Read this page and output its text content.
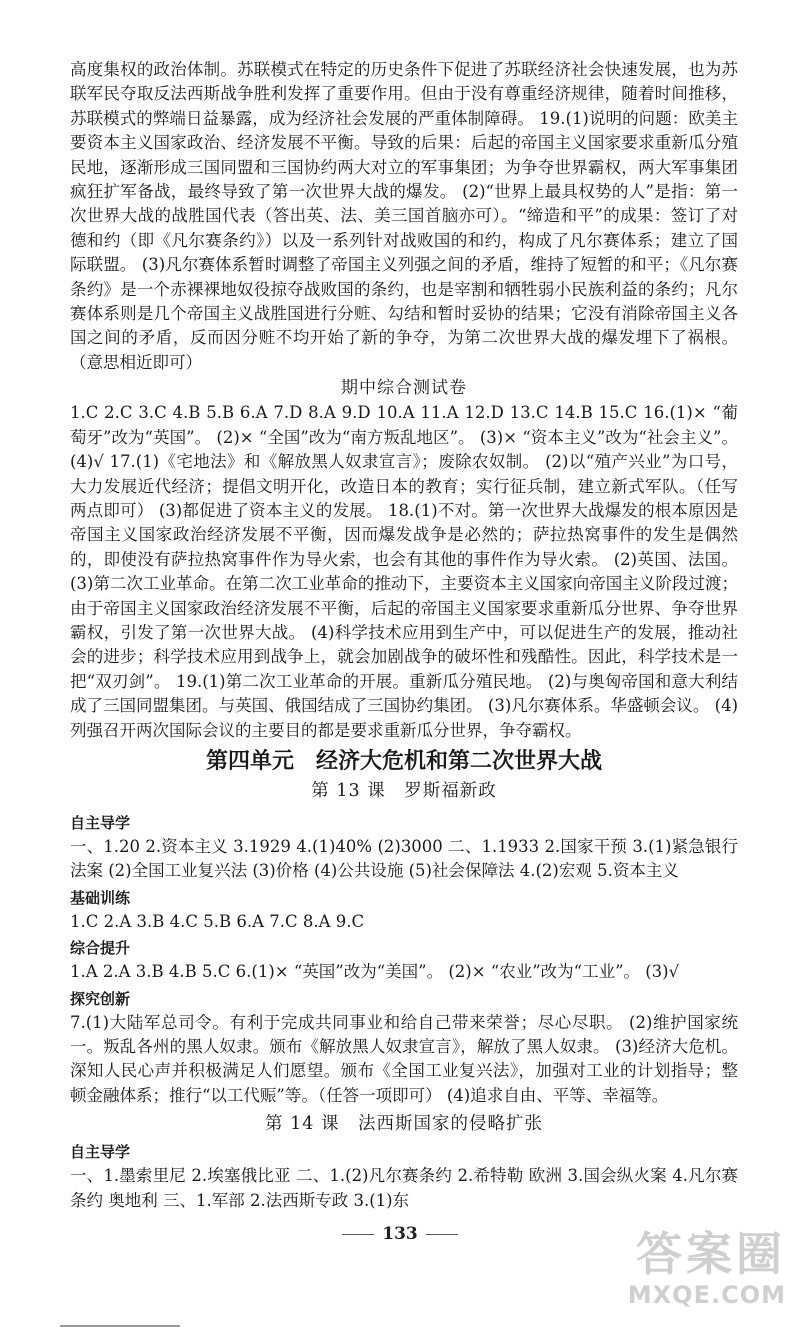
高度集权的政治体制。苏联模式在特定的历史条件下促进了苏联经济社会快速发展，也为苏联军民夺取反法西斯战争胜利发挥了重要作用。但由于没有尊重经济规律，随着时间推移，苏联模式的弊端日益暴露，成为经济社会发展的严重体制障碍。 19.(1)说明的问题：欧美主要资本主义国家政治、经济发展不平衡。导致的后果：后起的帝国主义国家要求重新瓜分殖民地，逐渐形成三国同盟和三国协约两大对立的军事集团；为争夺世界霸权，两大军事集团疯狂扩军备战，最终导致了第一次世界大战的爆发。 (2)“世界上最具权势的人”是指：第一次世界大战的战胜国代表（答出英、法、美三国首脑亦可）。“缔造和平”的成果：签订了对德和约（即《凡尔赛条约》）以及一系列针对战败国的和约，构成了凡尔赛体系；建立了国际联盟。 (3)凡尔赛体系暂时调整了帝国主义列强之间的矛盾，维持了短暂的和平；《凡尔赛条约》是一个赤裸裸地奴役掠夺战败国的条约，也是宰割和牺牲弱小民族利益的条约；凡尔赛体系则是几个帝国主义战胜国进行分赃、勾结和暂时妥协的结果；它没有消除帝国主义各国之间的矛盾，反而因分赃不均开始了新的争夺，为第二次世界大战的爆发埋下了祸根。（意思相近即可）

期中综合测试卷

1.C 2.C 3.C 4.B 5.B 6.A 7.D 8.A 9.D 10.A 11.A 12.D 13.C 14.B 15.C 16.(1)× “葡萄牙”改为“英国”。 (2)× “全国”改为“南方叛乱地区”。 (3)× “资本主义”改为“社会主义”。 (4)√ 17.(1)《宅地法》和《解放黑人奴隶宣言》；废除农奴制。 (2)以“殖产兴业”为口号，大力发展近代经济；提倡文明开化，改造日本的教育；实行征兵制，建立新式军队。（任写两点即可） (3)都促进了资本主义的发展。 18.(1)不对。第一次世界大战爆发的根本原因是帝国主义国家政治经济发展不平衡，因而爆发战争是必然的；萨拉热窝事件的发生是偶然的，即使没有萨拉热窝事件作为导火索，也会有其他的事件作为导火索。 (2)英国、法国。 (3)第二次工业革命。在第二次工业革命的推动下，主要资本主义国家向帝国主义阶段过渡；由于帝国主义国家政治经济发展不平衡，后起的帝国主义国家要求重新瓜分世界、争夺世界霸权，引发了第一次世界大战。 (4)科学技术应用到生产中，可以促进生产的发展，推动社会的进步；科学技术应用到战争上，就会加剧战争的破坏性和残酷性。因此，科学技术是一把“双刃剑”。 19.(1)第二次工业革命的开展。重新瓜分殖民地。 (2)与奥匈帝国和意大利结成了三国同盟集团。与英国、俄国结成了三国协约集团。 (3)凡尔赛体系。华盛顿会议。 (4)列强召开两次国际会议的主要目的都是要求重新瓜分世界，争夺霸权。

第四单元　经济大危机和第二次世界大战
第 13 课　罗斯福新政
自主导学

一、1.20 2.资本主义 3.1929 4.(1)40% (2)3000 二、1.1933 2.国家干预 3.(1)紧急银行法案 (2)全国工业复兴法 (3)价格 (4)公共设施 (5)社会保障法 4.(2)宏观 5.资本主义

基础训练

1.C 2.A 3.B 4.C 5.B 6.A 7.C 8.A 9.C

综合提升

1.A 2.A 3.B 4.B 5.C 6.(1)× “英国”改为“美国”。 (2)× “农业”改为“工业”。 (3)√

探究创新

7.(1)大陆军总司令。有利于完成共同事业和给自己带来荣誉；尽心尽职。 (2)维护国家统一。叛乱各州的黑人奴隶。颁布《解放黑人奴隶宣言》，解放了黑人奴隶。 (3)经济大危机。深知人民心声并积极满足人们愿望。颁布《全国工业复兴法》，加强对工业的计划指导；整顿金融体系；推行“以工代赈”等。（任答一项即可） (4)追求自由、平等、幸福等。

第 14 课　法西斯国家的侵略扩张
自主导学

一、1.墨索里尼 2.埃塞俄比亚 二、1.(2)凡尔赛条约 2.希特勒 欧洲 3.国会纵火案 4.凡尔赛条约 奥地利 三、1.军部 2.法西斯专政 3.(1)东

133	答案圈
MXQE.COM
